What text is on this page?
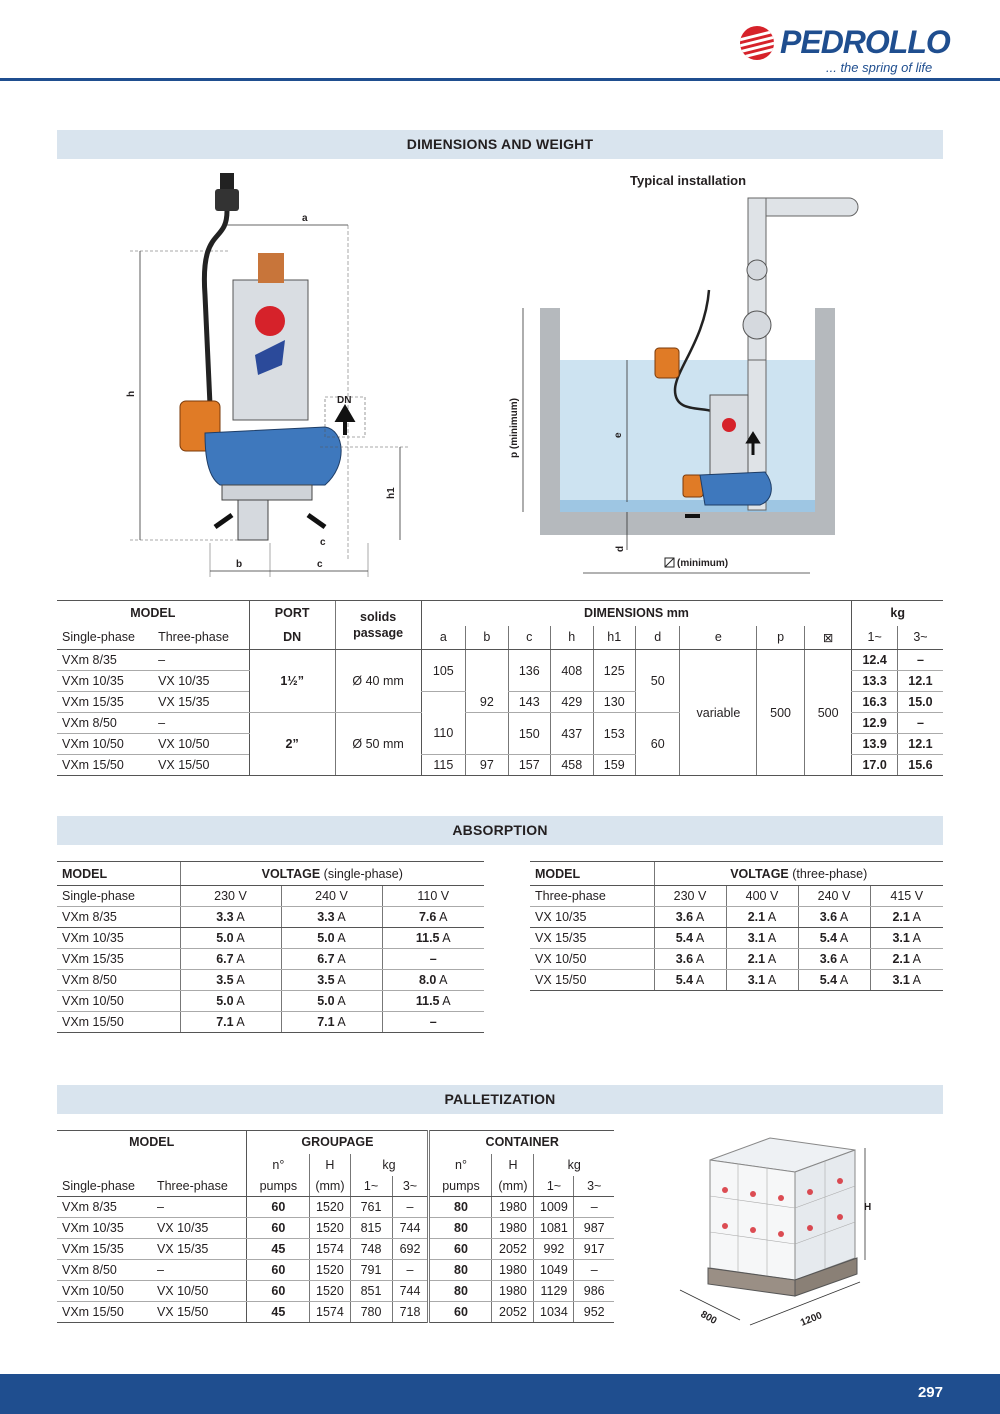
PEDROLLO
... the spring of life
DIMENSIONS AND WEIGHT
h
a
DN
h1
c
b	c
Typical installation
p (minimum)	e
d
(minimum)
MODEL		PORT	solids passage	DIMENSIONS mm									kg	
Single-phase	Three-phase	DN		a	b	c	h	h1	d	e	p	⊠	1~	3~
VXm 8/35	–	1½”	Ø 40 mm	105		136	408	125	50	variable	500	500	12.4	–
VXm 10/35	VX 10/35												13.3	12.1
VXm 15/35	VX 15/35				92	143	429	130					16.3	15.0
VXm 8/50	–	2”	Ø 50 mm	110		150	437	153	60				12.9	–
VXm 10/50	VX 10/50												13.9	12.1
VXm 15/50	VX 15/50			115	97	157	458	159					17.0	15.6
ABSORPTION
MODEL	VOLTAGE (single-phase)		
Single-phase	230 V	240 V	110 V
VXm 8/35	3.3 A	3.3 A	7.6 A
VXm 10/35	5.0 A	5.0 A	11.5 A
VXm 15/35	6.7 A	6.7 A	–
VXm 8/50	3.5 A	3.5 A	8.0 A
VXm 10/50	5.0 A	5.0 A	11.5 A
VXm 15/50	7.1 A	7.1 A	–
MODEL	VOLTAGE (three-phase)			
Three-phase	230 V	400 V	240 V	415 V
VX 10/35	3.6 A	2.1 A	3.6 A	2.1 A
VX 15/35	5.4 A	3.1 A	5.4 A	3.1 A
VX 10/50	3.6 A	2.1 A	3.6 A	2.1 A
VX 15/50	5.4 A	3.1 A	5.4 A	3.1 A
PALLETIZATION
MODEL		GROUPAGE				CONTAINER			
		n°	H	kg		n°	H	kg	
Single-phase	Three-phase	pumps	(mm)	1~	3~	pumps	(mm)	1~	3~
VXm 8/35	–	60	1520	761	–	80	1980	1009	–
VXm 10/35	VX 10/35	60	1520	815	744	80	1980	1081	987
VXm 15/35	VX 15/35	45	1574	748	692	60	2052	992	917
VXm 8/50	–	60	1520	791	–	80	1980	1049	–
VXm 10/50	VX 10/50	60	1520	851	744	80	1980	1129	986
VXm 15/50	VX 15/50	45	1574	780	718	60	2052	1034	952
H
800	1200
297
